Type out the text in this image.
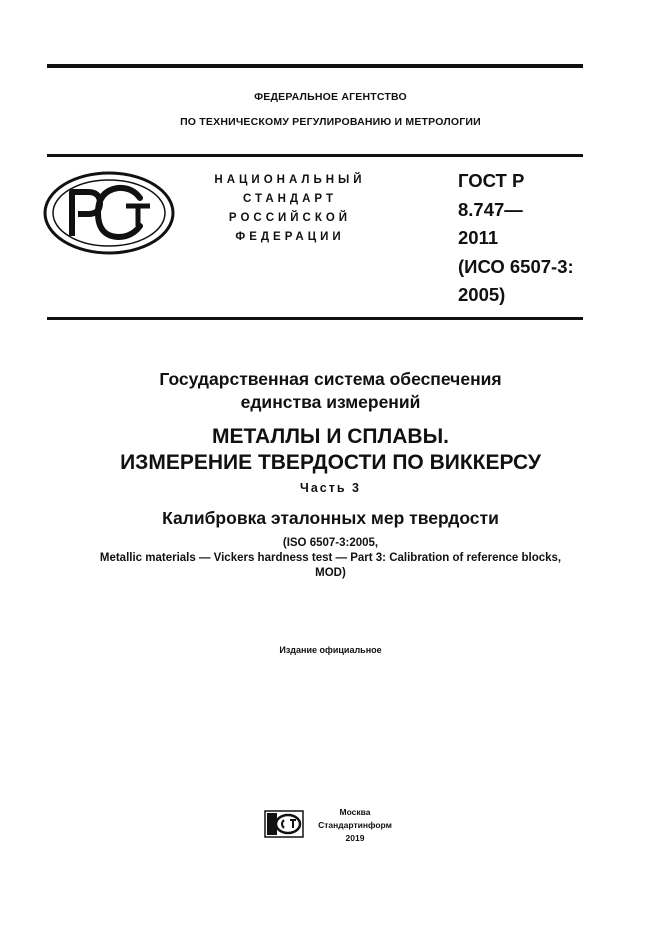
ФЕДЕРАЛЬНОЕ АГЕНТСТВО
ПО ТЕХНИЧЕСКОМУ РЕГУЛИРОВАНИЮ И МЕТРОЛОГИИ
НАЦИОНАЛЬНЫЙ
СТАНДАРТ
РОССИЙСКОЙ
ФЕДЕРАЦИИ
ГОСТ Р
8.747—
2011
(ИСО 6507-3:
2005)
Государственная система обеспечения
единства измерений
МЕТАЛЛЫ И СПЛАВЫ.
ИЗМЕРЕНИЕ ТВЕРДОСТИ ПО ВИККЕРСУ
Часть 3
Калибровка эталонных мер твердости
(ISO 6507-3:2005,
Metallic materials — Vickers hardness test — Part 3: Calibration of reference blocks,
MOD)
Издание официальное
Москва
Стандартинформ
2019
